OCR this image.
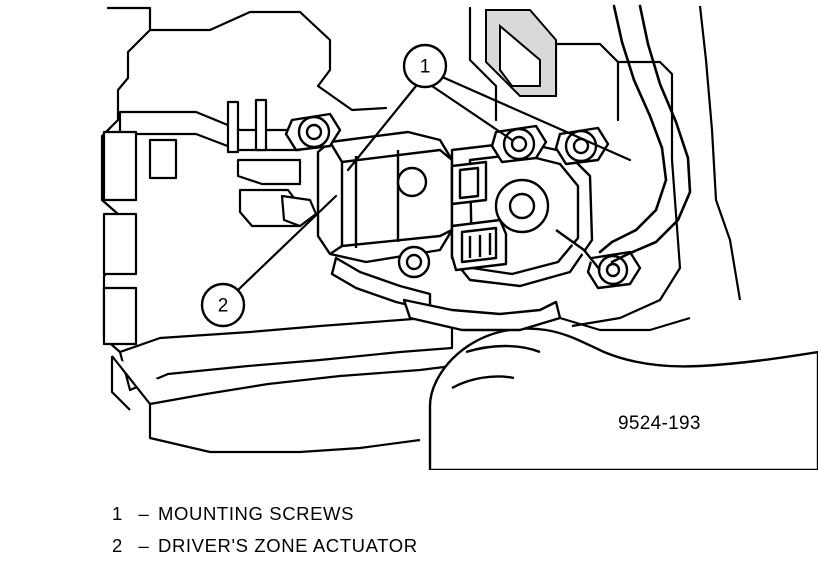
1
2
9524-193
1 – MOUNTING SCREWS
2 – DRIVER'S ZONE ACTUATOR
